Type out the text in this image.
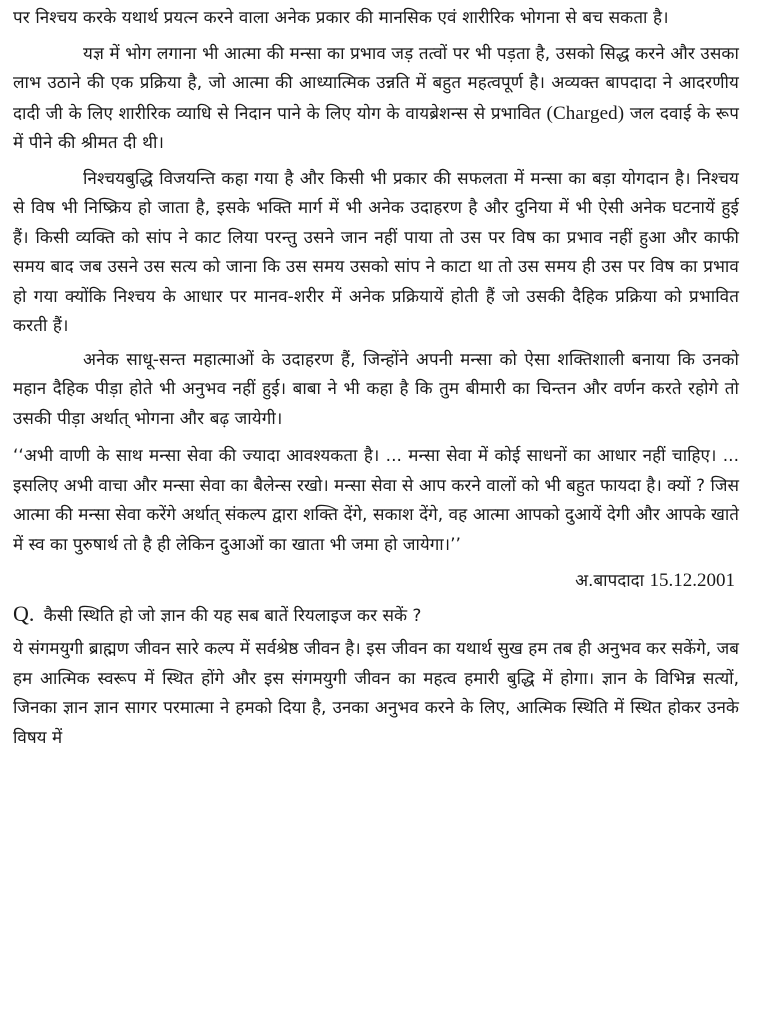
पर निश्चय करके यथार्थ प्रयत्न करने वाला अनेक प्रकार की मानसिक एवं शारीरिक भोगना से बच सकता है।

यज्ञ में भोग लगाना भी आत्मा की मन्सा का प्रभाव जड़ तत्वों पर भी पड़ता है, उसको सिद्ध करने और उसका लाभ उठाने की एक प्रक्रिया है, जो आत्मा की आध्यात्मिक उन्नति में बहुत महत्वपूर्ण है। अव्यक्त बापदादा ने आदरणीय दादी जी के लिए शारीरिक व्याधि से निदान पाने के लिए योग के वायब्रेशन्स से प्रभावित (Charged) जल दवाई के रूप में पीने की श्रीमत दी थी।

निश्चयबुद्धि विजयन्ति कहा गया है और किसी भी प्रकार की सफलता में मन्सा का बड़ा योगदान है। निश्चय से विष भी निष्क्रिय हो जाता है, इसके भक्ति मार्ग में भी अनेक उदाहरण है और दुनिया में भी ऐसी अनेक घटनायें हुई हैं। किसी व्यक्ति को सांप ने काट लिया परन्तु उसने जान नहीं पाया तो उस पर विष का प्रभाव नहीं हुआ और काफी समय बाद जब उसने उस सत्य को जाना कि उस समय उसको सांप ने काटा था तो उस समय ही उस पर विष का प्रभाव हो गया क्योंकि निश्चय के आधार पर मानव-शरीर में अनेक प्रक्रियायें होती हैं जो उसकी दैहिक प्रक्रिया को प्रभावित करती हैं।

अनेक साधू-सन्त महात्माओं के उदाहरण हैं, जिन्होंने अपनी मन्सा को ऐसा शक्तिशाली बनाया कि उनको महान दैहिक पीड़ा होते भी अनुभव नहीं हुई। बाबा ने भी कहा है कि तुम बीमारी का चिन्तन और वर्णन करते रहोगे तो उसकी पीड़ा अर्थात् भोगना और बढ़ जायेगी।

‘‘अभी वाणी के साथ मन्सा सेवा की ज्यादा आवश्यकता है। ... मन्सा सेवा में कोई साधनों का आधार नहीं चाहिए। ... इसलिए अभी वाचा और मन्सा सेवा का बैलेन्स रखो। मन्सा सेवा से आप करने वालों को भी बहुत फायदा है। क्यों ? जिस आत्मा की मन्सा सेवा करेंगे अर्थात् संकल्प द्वारा शक्ति देंगे, सकाश देंगे, वह आत्मा आपको दुआयें देगी और आपके खाते में स्व का पुरुषार्थ तो है ही लेकिन दुआओं का खाता भी जमा हो जायेगा।’’

अ.बापदादा 15.12.2001

Q. कैसी स्थिति हो जो ज्ञान की यह सब बातें रियलाइज कर सकें ?

ये संगमयुगी ब्राह्मण जीवन सारे कल्प में सर्वश्रेष्ठ जीवन है। इस जीवन का यथार्थ सुख हम तब ही अनुभव कर सकेंगे, जब हम आत्मिक स्वरूप में स्थित होंगे और इस संगमयुगी जीवन का महत्व हमारी बुद्धि में होगा। ज्ञान के विभिन्न सत्यों, जिनका ज्ञान ज्ञान सागर परमात्मा ने हमको दिया है, उनका अनुभव करने के लिए, आत्मिक स्थिति में स्थित होकर उनके विषय में
